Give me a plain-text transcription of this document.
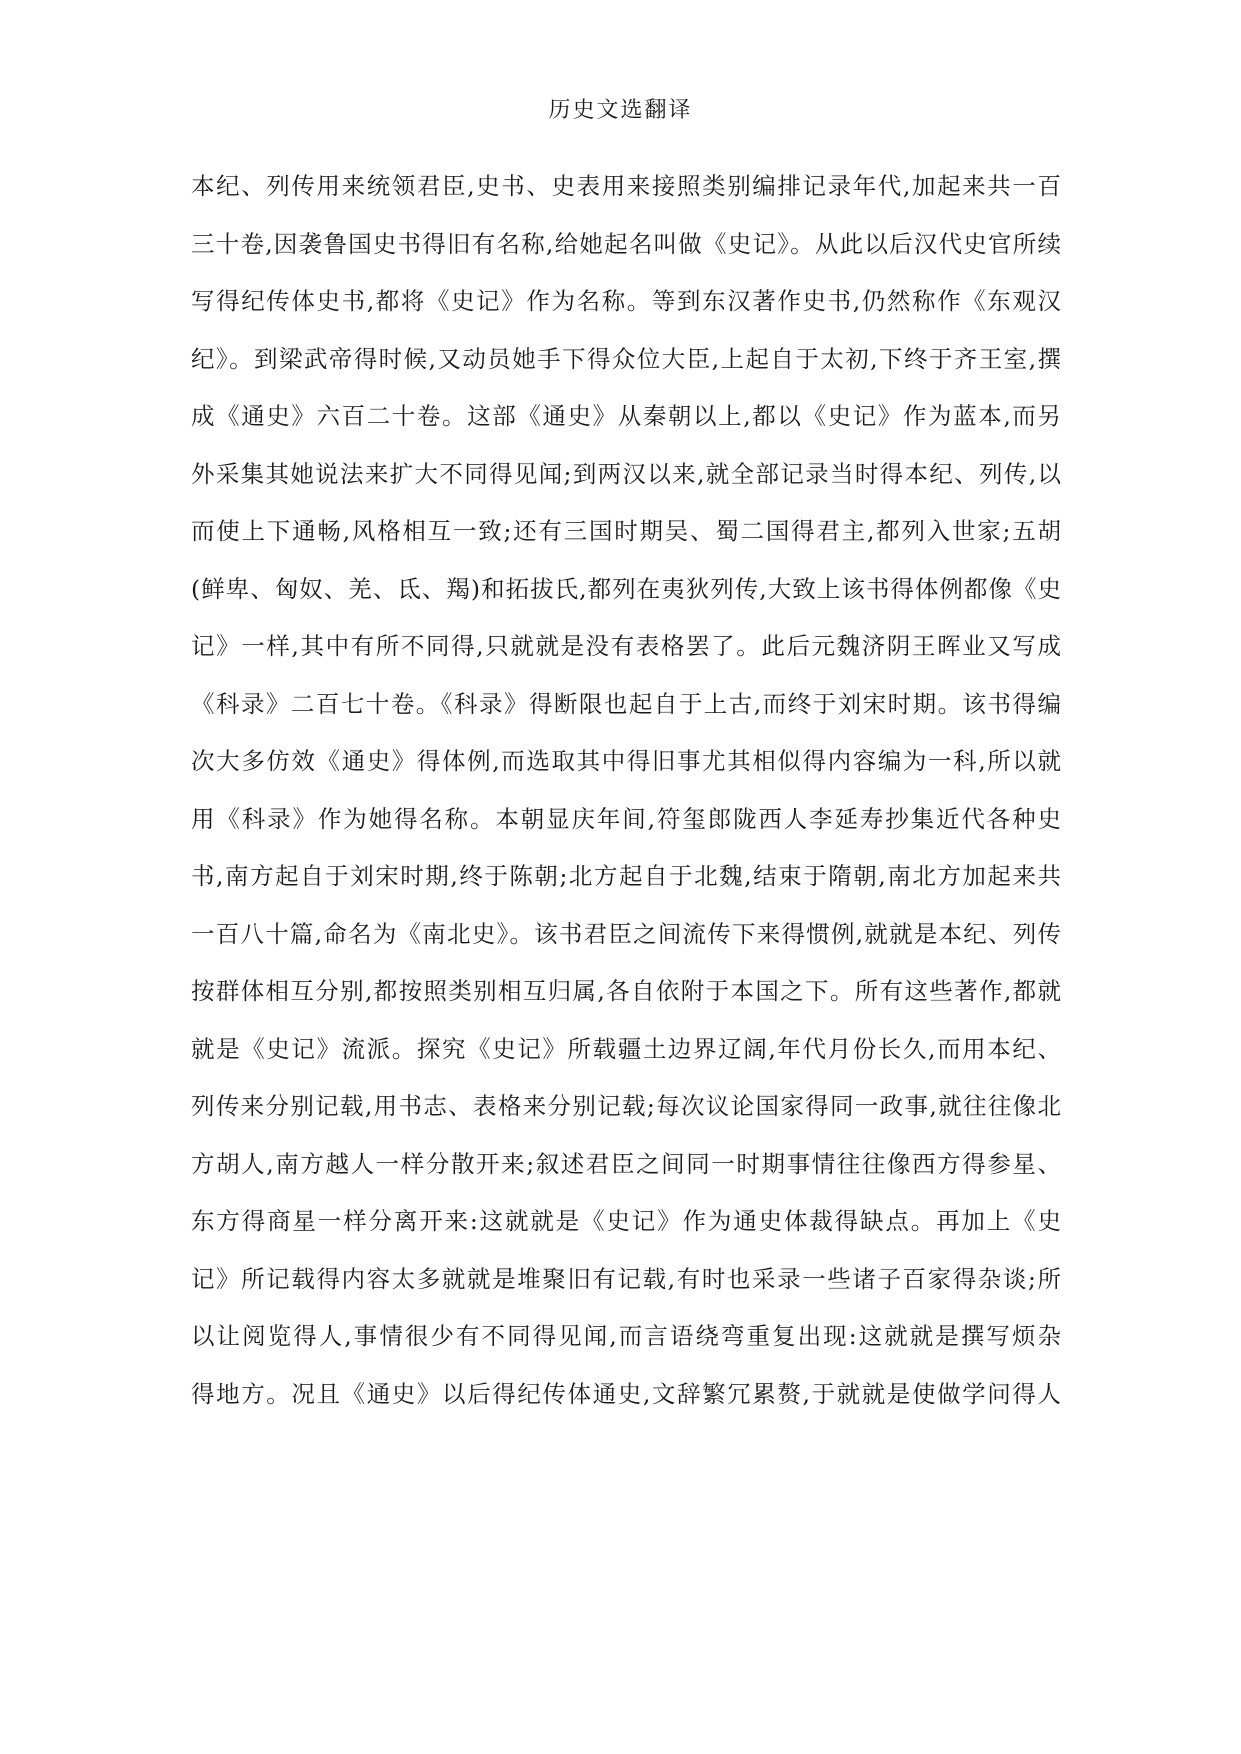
历史文选翻译
本纪、列传用来统领君臣,史书、史表用来接照类别编排记录年代,加起来共一百
三十卷,因袭鲁国史书得旧有名称,给她起名叫做《史记》。从此以后汉代史官所续
写得纪传体史书,都将《史记》作为名称。等到东汉著作史书,仍然称作《东观汉
纪》。到梁武帝得时候,又动员她手下得众位大臣,上起自于太初,下终于齐王室,撰
成《通史》六百二十卷。这部《通史》从秦朝以上,都以《史记》作为蓝本,而另
外采集其她说法来扩大不同得见闻;到两汉以来,就全部记录当时得本纪、列传,以
而使上下通畅,风格相互一致;还有三国时期吴、蜀二国得君主,都列入世家;五胡
(鲜卑、匈奴、羌、氐、羯)和拓拔氏,都列在夷狄列传,大致上该书得体例都像《史
记》一样,其中有所不同得,只就就是没有表格罢了。此后元魏济阴王晖业又写成
《科录》二百七十卷。《科录》得断限也起自于上古,而终于刘宋时期。该书得编
次大多仿效《通史》得体例,而选取其中得旧事尤其相似得内容编为一科,所以就
用《科录》作为她得名称。本朝显庆年间,符玺郎陇西人李延寿抄集近代各种史
书,南方起自于刘宋时期,终于陈朝;北方起自于北魏,结束于隋朝,南北方加起来共
一百八十篇,命名为《南北史》。该书君臣之间流传下来得惯例,就就是本纪、列传
按群体相互分别,都按照类别相互归属,各自依附于本国之下。所有这些著作,都就
就是《史记》流派。探究《史记》所载疆土边界辽阔,年代月份长久,而用本纪、
列传来分别记载,用书志、表格来分别记载;每次议论国家得同一政事,就往往像北
方胡人,南方越人一样分散开来;叙述君臣之间同一时期事情往往像西方得参星、
东方得商星一样分离开来:这就就是《史记》作为通史体裁得缺点。再加上《史
记》所记载得内容太多就就是堆聚旧有记载,有时也采录一些诸子百家得杂谈;所
以让阅览得人,事情很少有不同得见闻,而言语绕弯重复出现:这就就是撰写烦杂
得地方。况且《通史》以后得纪传体通史,文辞繁冗累赘,于就就是使做学问得人
